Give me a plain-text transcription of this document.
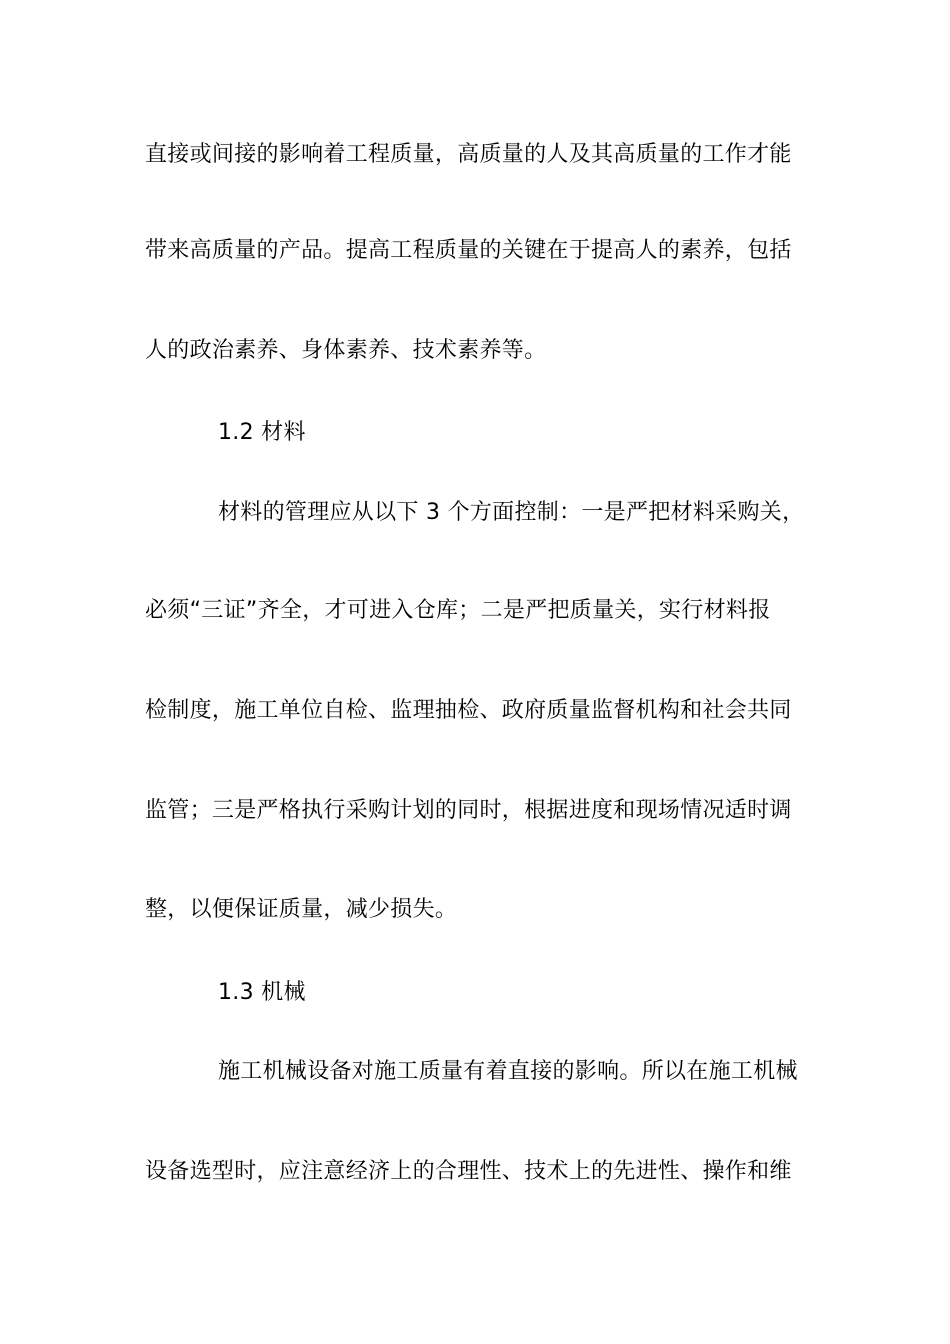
直接或间接的影响着工程质量，高质量的人及其高质量的工作才能
带来高质量的产品。提高工程质量的关键在于提高人的素养，包括
人的政治素养、身体素养、技术素养等。
1.2 材料
材料的管理应从以下 3 个方面控制：一是严把材料采购关，
必须“三证”齐全，才可进入仓库；二是严把质量关，实行材料报
检制度，施工单位自检、监理抽检、政府质量监督机构和社会共同
监管；三是严格执行采购计划的同时，根据进度和现场情况适时调
整，以便保证质量，减少损失。
1.3 机械
施工机械设备对施工质量有着直接的影响。所以在施工机械
设备选型时，应注意经济上的合理性、技术上的先进性、操作和维
